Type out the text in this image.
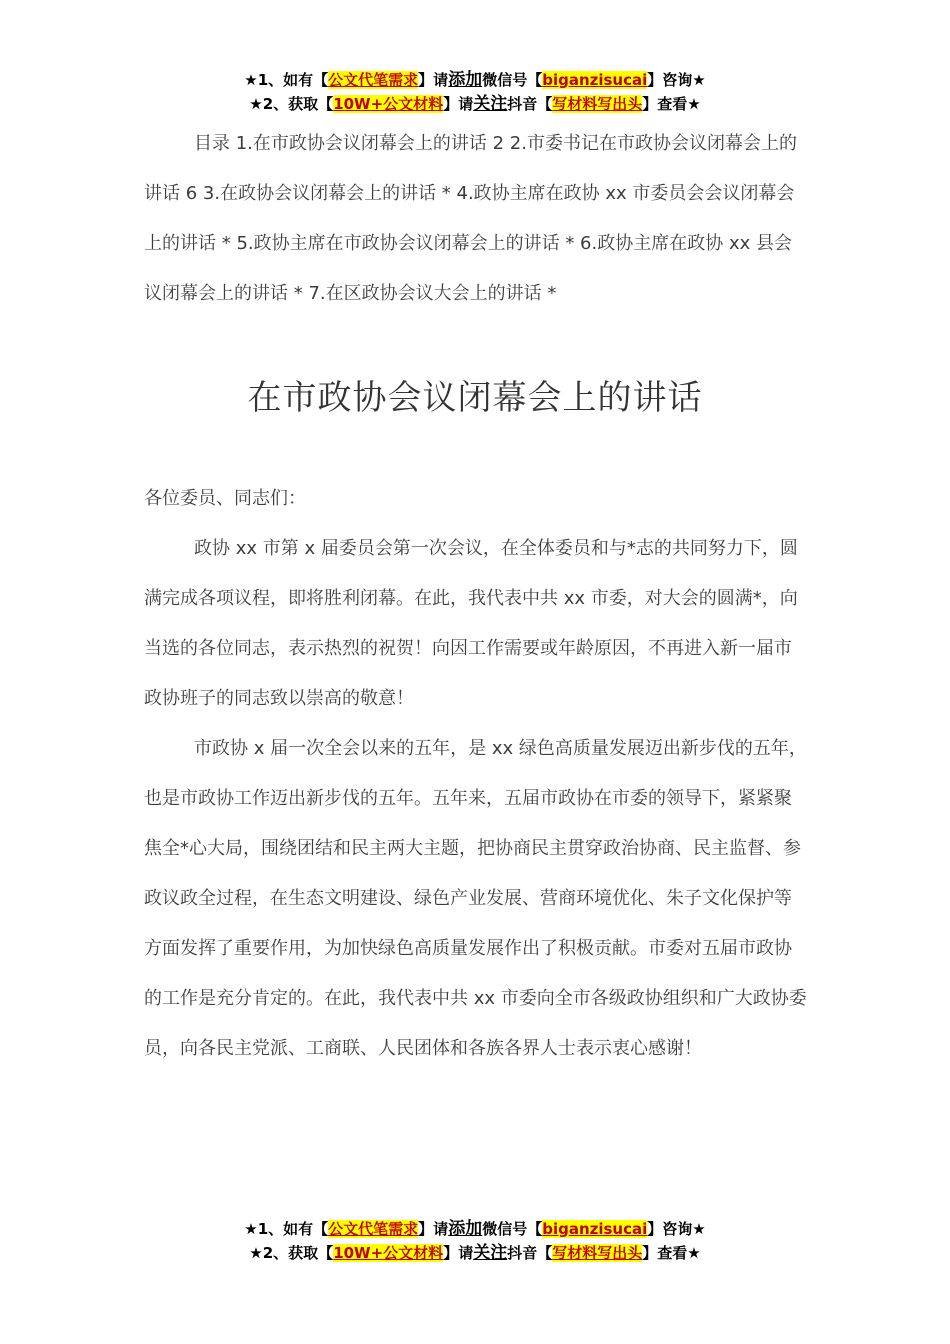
★1、如有【公文代笔需求】请添加微信号【biganzisucai】咨询★
★2、获取【10W+公文材料】请关注抖音【写材料写出头】查看★
目录 1.在市政协会议闭幕会上的讲话 2 2.市委书记在市政协会议闭幕会上的讲话 6 3.在政协会议闭幕会上的讲话 * 4.政协主席在政协 xx 市委员会会议闭幕会上的讲话 * 5.政协主席在市政协会议闭幕会上的讲话 * 6.政协主席在政协 xx 县会议闭幕会上的讲话 * 7.在区政协会议大会上的讲话 *
在市政协会议闭幕会上的讲话

各位委员、同志们：

政协 xx 市第 x 届委员会第一次会议，在全体委员和与*志的共同努力下，圆满完成各项议程，即将胜利闭幕。在此，我代表中共 xx 市委，对大会的圆满*，向当选的各位同志，表示热烈的祝贺！向因工作需要或年龄原因，不再进入新一届市政协班子的同志致以崇高的敬意！

市政协 x 届一次全会以来的五年，是 xx 绿色高质量发展迈出新步伐的五年，也是市政协工作迈出新步伐的五年。五年来，五届市政协在市委的领导下，紧紧聚焦全*心大局，围绕团结和民主两大主题，把协商民主贯穿政治协商、民主监督、参政议政全过程，在生态文明建设、绿色产业发展、营商环境优化、朱子文化保护等方面发挥了重要作用，为加快绿色高质量发展作出了积极贡献。市委对五届市政协的工作是充分肯定的。在此，我代表中共 xx 市委向全市各级政协组织和广大政协委员，向各民主党派、工商联、人民团体和各族各界人士表示衷心感谢！

★1、如有【公文代笔需求】请添加微信号【biganzisucai】咨询★
★2、获取【10W+公文材料】请关注抖音【写材料写出头】查看★
